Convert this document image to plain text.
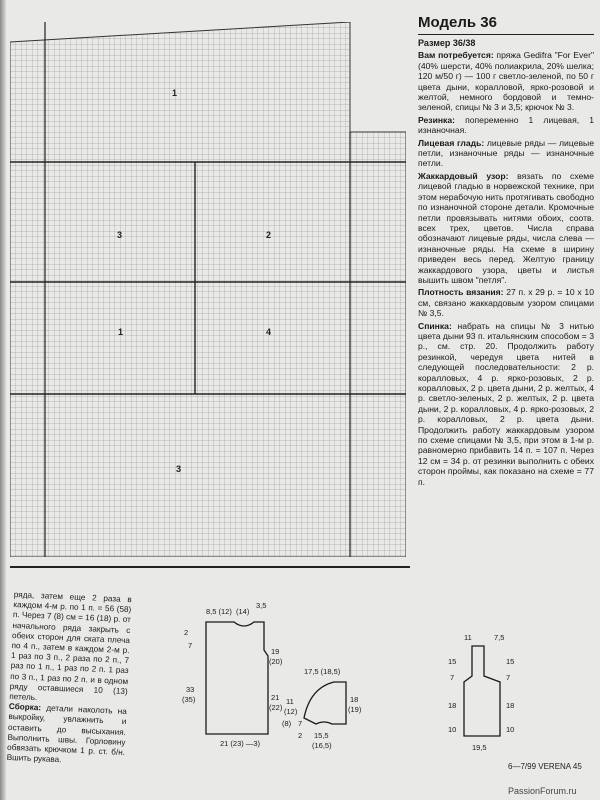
1
3	2
1	4
3
Модель 36
Размер 36/38

Вам потребуется: пряжа Gedifra "For Ever" (40% шерсти, 40% полиакрила, 20% шелка; 120 м/50 г) — 100 г светло-зеленой, по 50 г цвета дыни, коралловой, ярко-розовой и желтой, немного бордовой и темно-зеленой, спицы № 3 и 3,5; крючок № 3.

Резинка: попеременно 1 лицевая, 1 изнаночная.

Лицевая гладь: лицевые ряды — лицевые петли, изнаночные ряды — изнаночные петли.

Жаккардовый узор: вязать по схеме лицевой гладью в норвежской технике, при этом нерабочую нить протягивать свободно по изнаночной стороне детали. Кромочные петли провязывать нитями обоих, соотв. всех трех, цветов. Числа справа обозначают лицевые ряды, числа слева — изнаночные ряды. На схеме в ширину приведен весь перед. Желтую границу жаккардового узора, цветы и листья вышить швом "петля".

Плотность вязания: 27 п. x 29 р. = 10 x 10 см, связано жаккардовым узором спицами № 3,5.

Спинка: набрать на спицы № 3 нитью цвета дыни 93 п. итальянским способом = 3 р., см. стр. 20. Продолжить работу резинкой, чередуя цвета нитей в следующей последовательности: 2 р. коралловых, 4 р. ярко-розовых, 2 р. коралловых, 2 р. цвета дыни, 2 р. желтых, 4 р. светло-зеленых, 2 р. желтых, 2 р. цвета дыни, 2 р. коралловых, 4 р. ярко-розовых, 2 р. коралловых, 2 р. цвета дыни. Продолжить работу жаккардовым узором по схеме спицами № 3,5, при этом в 1-м р. равномерно прибавить 14 п. = 107 п. Через 12 см = 34 р. от резинки выполнить с обеих сторон проймы, как показано на схеме = 77 п.

ряда, затем еще 2 раза в каждом 4-м р. по 1 п. = 56 (58) п. Через 7 (8) см = 16 (18) р. от начального ряда закрыть с обеих сторон для ската плеча по 4 п., затем в каждом 2-м р. 1 раз по 3 п., 2 раза по 2 п., 7 раз по 1 п., 1 раз по 2 п. 1 раз по 3 п., 1 раз по 2 п. и в одном ряду оставшиеся 10 (13) петель.

Сборка: детали наколоть на выкройку, увлажнить и оставить до высыхания. Выполнить швы. Горловину обвязать крючком 1 р. ст. б/н. Вшить рукава.

8,5 (12) (14)
3,5
2
7
33
(35)
19
(20)
21
(22)
21 (23) —3)
17,5 (18,5)
11
(12)
(8) 7
18
(19)
2 15,5
(16,5)
11	7,5
15
7
18
10
15
7
18
10
19,5
6—7/99 VERENA 45
PassionForum.ru
